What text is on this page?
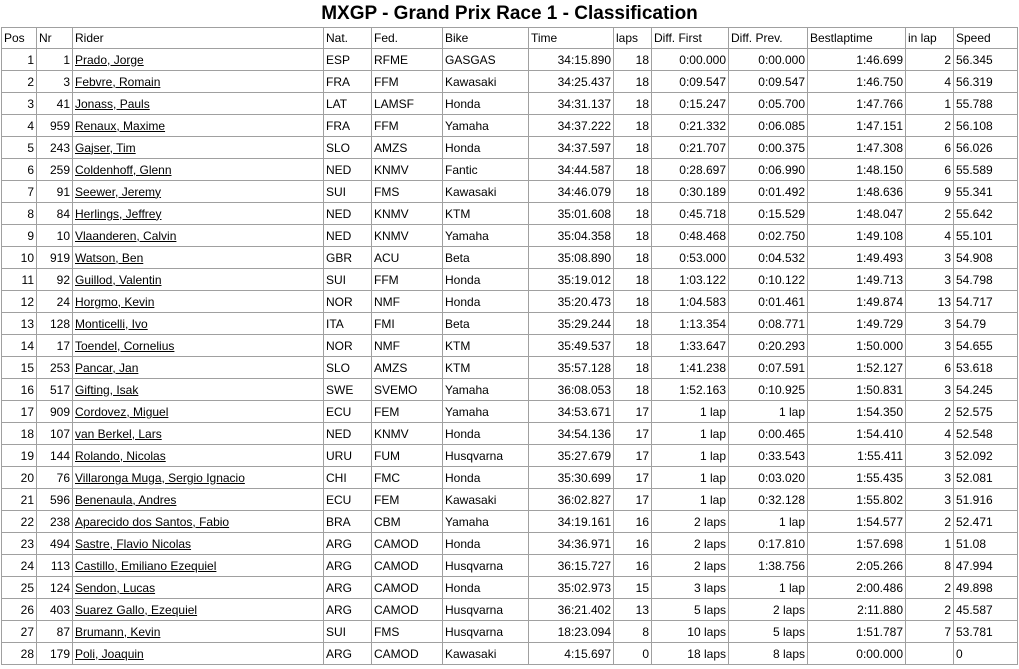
MXGP - Grand Prix Race 1 - Classification
Pos	Nr	Rider	Nat.	Fed.	Bike	Time	laps	Diff. First	Diff. Prev.	Bestlaptime	in lap	Speed
1	1	Prado, Jorge	ESP	RFME	GASGAS	34:15.890	18	0:00.000	0:00.000	1:46.699	2	56.345
2	3	Febvre, Romain	FRA	FFM	Kawasaki	34:25.437	18	0:09.547	0:09.547	1:46.750	4	56.319
3	41	Jonass, Pauls	LAT	LAMSF	Honda	34:31.137	18	0:15.247	0:05.700	1:47.766	1	55.788
4	959	Renaux, Maxime	FRA	FFM	Yamaha	34:37.222	18	0:21.332	0:06.085	1:47.151	2	56.108
5	243	Gajser, Tim	SLO	AMZS	Honda	34:37.597	18	0:21.707	0:00.375	1:47.308	6	56.026
6	259	Coldenhoff, Glenn	NED	KNMV	Fantic	34:44.587	18	0:28.697	0:06.990	1:48.150	6	55.589
7	91	Seewer, Jeremy	SUI	FMS	Kawasaki	34:46.079	18	0:30.189	0:01.492	1:48.636	9	55.341
8	84	Herlings, Jeffrey	NED	KNMV	KTM	35:01.608	18	0:45.718	0:15.529	1:48.047	2	55.642
9	10	Vlaanderen, Calvin	NED	KNMV	Yamaha	35:04.358	18	0:48.468	0:02.750	1:49.108	4	55.101
10	919	Watson, Ben	GBR	ACU	Beta	35:08.890	18	0:53.000	0:04.532	1:49.493	3	54.908
11	92	Guillod, Valentin	SUI	FFM	Honda	35:19.012	18	1:03.122	0:10.122	1:49.713	3	54.798
12	24	Horgmo, Kevin	NOR	NMF	Honda	35:20.473	18	1:04.583	0:01.461	1:49.874	13	54.717
13	128	Monticelli, Ivo	ITA	FMI	Beta	35:29.244	18	1:13.354	0:08.771	1:49.729	3	54.79
14	17	Toendel, Cornelius	NOR	NMF	KTM	35:49.537	18	1:33.647	0:20.293	1:50.000	3	54.655
15	253	Pancar, Jan	SLO	AMZS	KTM	35:57.128	18	1:41.238	0:07.591	1:52.127	6	53.618
16	517	Gifting, Isak	SWE	SVEMO	Yamaha	36:08.053	18	1:52.163	0:10.925	1:50.831	3	54.245
17	909	Cordovez, Miguel	ECU	FEM	Yamaha	34:53.671	17	1 lap	1 lap	1:54.350	2	52.575
18	107	van Berkel, Lars	NED	KNMV	Honda	34:54.136	17	1 lap	0:00.465	1:54.410	4	52.548
19	144	Rolando, Nicolas	URU	FUM	Husqvarna	35:27.679	17	1 lap	0:33.543	1:55.411	3	52.092
20	76	Villaronga Muga, Sergio Ignacio	CHI	FMC	Honda	35:30.699	17	1 lap	0:03.020	1:55.435	3	52.081
21	596	Benenaula, Andres	ECU	FEM	Kawasaki	36:02.827	17	1 lap	0:32.128	1:55.802	3	51.916
22	238	Aparecido dos Santos, Fabio	BRA	CBM	Yamaha	34:19.161	16	2 laps	1 lap	1:54.577	2	52.471
23	494	Sastre, Flavio Nicolas	ARG	CAMOD	Honda	34:36.971	16	2 laps	0:17.810	1:57.698	1	51.08
24	113	Castillo, Emiliano Ezequiel	ARG	CAMOD	Husqvarna	36:15.727	16	2 laps	1:38.756	2:05.266	8	47.994
25	124	Sendon, Lucas	ARG	CAMOD	Honda	35:02.973	15	3 laps	1 lap	2:00.486	2	49.898
26	403	Suarez Gallo, Ezequiel	ARG	CAMOD	Husqvarna	36:21.402	13	5 laps	2 laps	2:11.880	2	45.587
27	87	Brumann, Kevin	SUI	FMS	Husqvarna	18:23.094	8	10 laps	5 laps	1:51.787	7	53.781
28	179	Poli, Joaquin	ARG	CAMOD	Kawasaki	4:15.697	0	18 laps	8 laps	0:00.000		0
